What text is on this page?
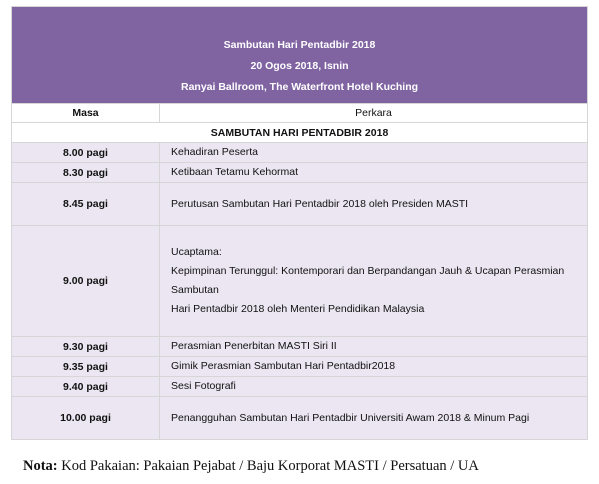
Sambutan Hari Pentadbir 2018
20 Ogos 2018, Isnin
Ranyai Ballroom, The Waterfront Hotel Kuching	

Masa	Perkara
SAMBUTAN HARI PENTADBIR 2018	
8.00 pagi	Kehadiran Peserta

8.30 pagi	Ketibaan Tetamu Kehormat

8.45 pagi	Perutusan Sambutan Hari Pentadbir 2018 oleh Presiden MASTI

9.00 pagi	Ucaptama:
Kepimpinan Terunggul: Kontemporari dan Berpandangan Jauh & Ucapan Perasmian Sambutan
Hari Pentadbir 2018 oleh Menteri Pendidikan Malaysia

9.30 pagi	Perasmian Penerbitan MASTI Siri II

9.35 pagi	Gimik Perasmian Sambutan Hari Pentadbir2018

9.40 pagi	Sesi Fotografi

10.00 pagi	Penangguhan Sambutan Hari Pentadbir Universiti Awam 2018 & Minum Pagi
Nota: Kod Pakaian: Pakaian Pejabat / Baju Korporat MASTI / Persatuan / UA
